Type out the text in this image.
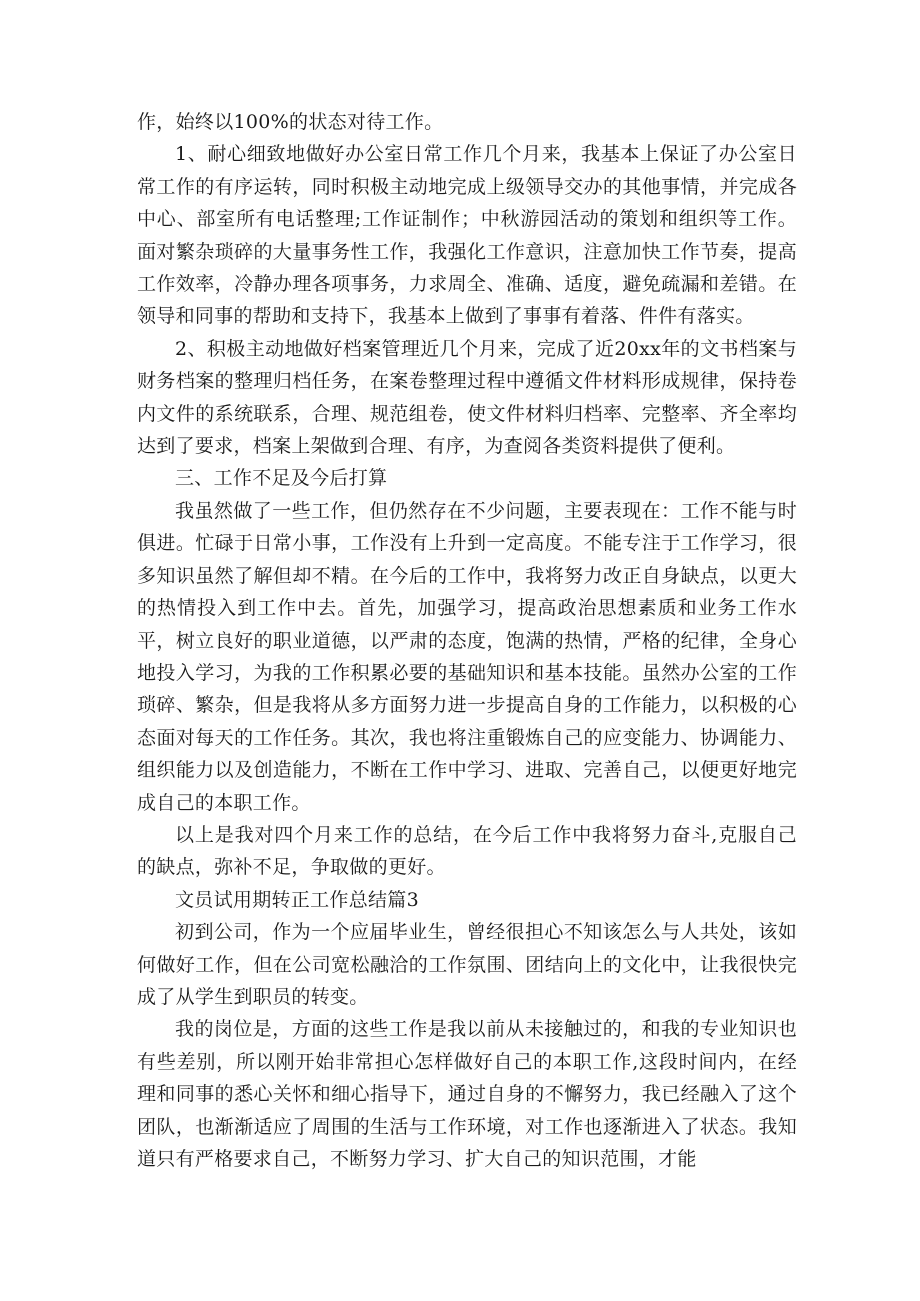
作，始终以100%的状态对待工作。

1、耐心细致地做好办公室日常工作几个月来，我基本上保证了办公室日常工作的有序运转，同时积极主动地完成上级领导交办的其他事情，并完成各中心、部室所有电话整理;工作证制作；中秋游园活动的策划和组织等工作。面对繁杂琐碎的大量事务性工作，我强化工作意识，注意加快工作节奏，提高工作效率，冷静办理各项事务，力求周全、准确、适度，避免疏漏和差错。在领导和同事的帮助和支持下，我基本上做到了事事有着落、件件有落实。

2、积极主动地做好档案管理近几个月来，完成了近20xx年的文书档案与财务档案的整理归档任务，在案卷整理过程中遵循文件材料形成规律，保持卷内文件的系统联系，合理、规范组卷，使文件材料归档率、完整率、齐全率均达到了要求，档案上架做到合理、有序，为查阅各类资料提供了便利。

三、工作不足及今后打算

我虽然做了一些工作，但仍然存在不少问题，主要表现在：工作不能与时俱进。忙碌于日常小事，工作没有上升到一定高度。不能专注于工作学习，很多知识虽然了解但却不精。在今后的工作中，我将努力改正自身缺点，以更大的热情投入到工作中去。首先，加强学习，提高政治思想素质和业务工作水平，树立良好的职业道德，以严肃的态度，饱满的热情，严格的纪律，全身心地投入学习，为我的工作积累必要的基础知识和基本技能。虽然办公室的工作琐碎、繁杂，但是我将从多方面努力进一步提高自身的工作能力，以积极的心态面对每天的工作任务。其次，我也将注重锻炼自己的应变能力、协调能力、组织能力以及创造能力，不断在工作中学习、进取、完善自己，以便更好地完成自己的本职工作。

以上是我对四个月来工作的总结，在今后工作中我将努力奋斗,克服自己的缺点，弥补不足，争取做的更好。

文员试用期转正工作总结篇3

初到公司，作为一个应届毕业生，曾经很担心不知该怎么与人共处，该如何做好工作，但在公司宽松融洽的工作氛围、团结向上的文化中，让我很快完成了从学生到职员的转变。

我的岗位是，方面的这些工作是我以前从未接触过的，和我的专业知识也有些差别，所以刚开始非常担心怎样做好自己的本职工作,这段时间内，在经理和同事的悉心关怀和细心指导下，通过自身的不懈努力，我已经融入了这个团队，也渐渐适应了周围的生活与工作环境，对工作也逐渐进入了状态。我知道只有严格要求自己，不断努力学习、扩大自己的知识范围，才能
